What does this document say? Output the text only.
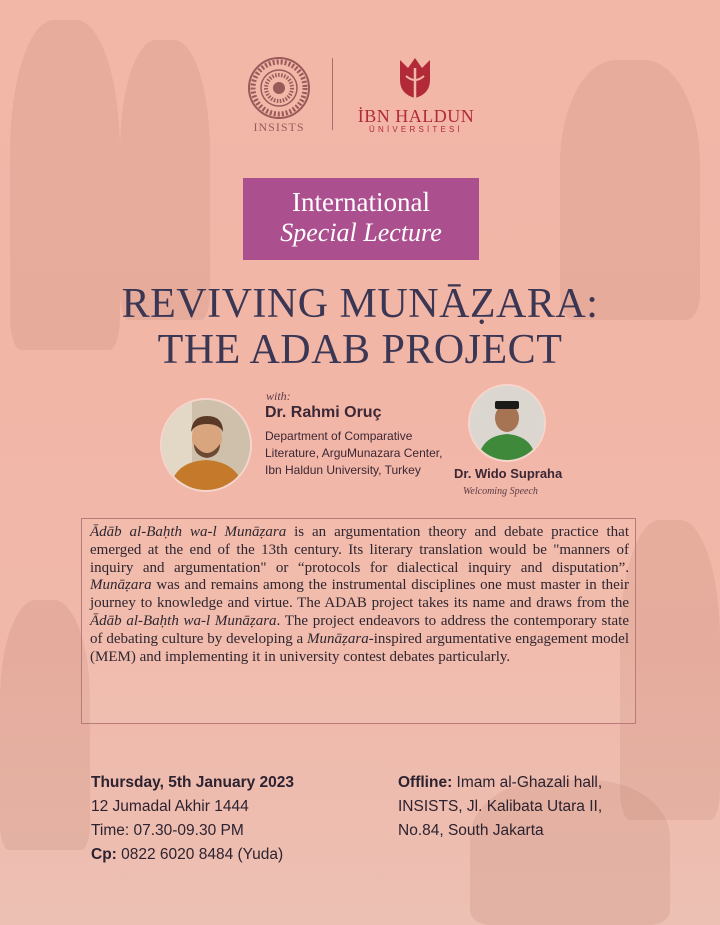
INSISTS
İBN HALDUN
ÜNİVERSİTESİ
International
Special Lecture
REVIVING MUNĀẒARA:
THE ADAB PROJECT
with:
Dr. Rahmi Oruç
Department of Comparative
Literature, ArguMunazara Center,
Ibn Haldun University, Turkey	Dr. Wido Supraha
Welcoming Speech
Ādāb al-Baḥth wa-l Munāẓara is an argumentation theory and debate practice that emerged at the end of the 13th century. Its literary translation would be "manners of inquiry and argumentation" or “protocols for dialectical inquiry and disputation”. Munāẓara was and remains among the instrumental disciplines one must master in their journey to knowledge and virtue. The ADAB project takes its name and draws from the Ādāb al-Baḥth wa-l Munāẓara. The project endeavors to address the contemporary state of debating culture by developing a Munāẓara-inspired argumentative engagement model (MEM) and implementing it in university contest debates particularly.
Thursday, 5th January 2023
12 Jumadal Akhir 1444
Time: 07.30-09.30 PM
Cp: 0822 6020 8484 (Yuda)
Offline: Imam al-Ghazali hall,
INSISTS, Jl. Kalibata Utara II,
No.84, South Jakarta
